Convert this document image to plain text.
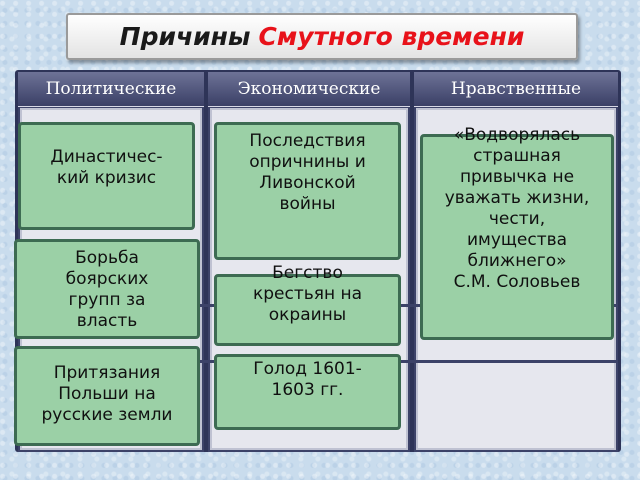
Причины Смутного времени
Политические	Экономические	Нравственные
Династичес-
кий кризис
Борьба
боярских
групп за
власть
Притязания
Польши на
русские земли
Последствия
опричнины и
Ливонской
войны
Бегство
крестьян на
окраины
Голод 1601-
1603 гг.
«Водворялась
страшная
привычка не
уважать жизни,
чести,
имущества
ближнего»
С.М. Соловьев
